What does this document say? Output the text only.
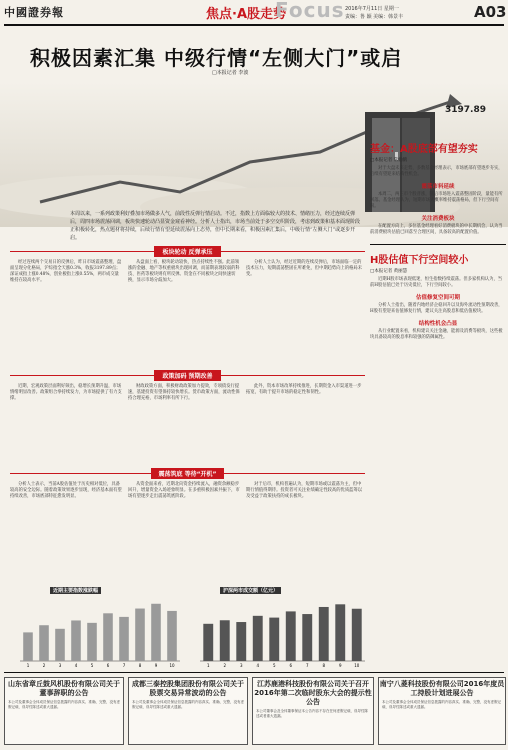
中國證券報	焦点·A股走势
Focus 2016年7月11日 星期一
责编：鲁 颖 美编：韩景丰	A03
积极因素汇集 中级行情“左侧大门”或启
□本报记者 李波
3197.89
本周以来，一系列政策利好叠加市场做多人气，前段性反弹行情启动。不过，指数上方面临较大的技术、情绪压力，经过连续反弹后，周四市场震荡回调，板块快速轮动凸显资金窥看神经。分析人士指出，市场当前处于多空交织阶段，考虑到政策和基本面现阶段正积极转化，热点题材将持续，后续行情有望延续震荡向上态势，但中长期来看，积极因素汇集后，中级行情“左侧大门”或逐步开启。
板块轮动 反弹承压

经过连续两个交易日的反弹后，昨日市场震荡整理，盘面呈现分化格局，沪综指全天涨0.3%，收报3197.89点；深证成指上涨0.48%，创业板指上涨0.55%，两市成交量维持在较高水平。

从盘面上看，板块轮动较快，热点持续性不强。此前领涨的金融、地产等权重板块出现回调，而前期表现较弱的科技、医药等板块则有所反弹。资金在不同板块之间快速切换，显示市场分歧加大。

分析人士认为，经过近期的连续反弹后，市场面临一定的技术压力，短期震荡整固在所难免，但中期趋势向上的格局未变。

政策加码 预期改善

近期，宏观政策层面利好频出，稳增长预期升温，市场情绪明显改善。政策组合拳持续发力，为市场提供了有力支撑。

财政政策方面，积极财政政策加力提效，专项债发行提速，基建投资有望保持较快增长。货币政策方面，流动性保持合理充裕，市场利率有所下行。

此外，资本市场改革持续推进，长期资金入市渠道进一步拓宽，有助于提升市场的稳定性和韧性。

震荡筑底 等待“开机”

分析人士表示，当前A股估值处于历史相对低位，具备较高的安全边际。随着政策效果逐步显现，经济基本面有望持续改善，市场底部特征愈发明显。

从资金面来看，近期北向资金持续流入，融资余额稳步回升，增量资金入场迹象明显。在多重积极因素共振下，市场有望逐步走出震荡筑底阶段。

对于后市，机构普遍认为，短期市场或以震荡为主，但中期行情值得期待。投资者可关注业绩确定性较高的优质蓝筹以及受益于政策扶持的成长板块。

基金：A股底部有望夯实
□本报记者 常仙鹤

对于大盘未来走势，多数基金经理表示，市场底部有望逐步夯实，后续有望迎来结构性机会。

震荡市料延续

本周二，两三市个股普涨，随后市场进入震荡整固阶段，量能有所回落。基金经理认为，短期市场大概率维持震荡格局，但下行空间有限。

关注消费板块

在配置方向上，多位基金经理看好消费板块的中长期机会，认为当前消费板块估值已回落至合理区间，具备较高的配置价值。

H股估值下行空间较小
□本报记者 黄丽慧

近期H股市场表现低迷，恒生指数持续震荡。但多家机构认为，当前H股估值已处于历史低位，下行空间较小。

估值修复空间可期

分析人士指出，随着内地经济企稳回升以及海外流动性预期改善，H股有望迎来估值修复行情，建议关注高股息和低估值板块。

结构性机会凸显

从行业配置来看，机构建议关注金融、能源及消费等板块，这些板块具备较高的股息率和较强的防御属性。

近期主要指数涨跌幅	沪深两市成交额（亿元）
1	2	3	4	5	6	7	8	9	10	1	2	3	4	5	6	7	8	9	10
山东省章丘鼓风机股份有限公司关于董事辞职的公告
本公司及董事会全体成员保证信息披露的内容真实、准确、完整，没有虚假记载、误导性陈述或重大遗漏。
成都三泰控股集团股份有限公司关于股票交易异常波动的公告
本公司及董事会全体成员保证信息披露的内容真实、准确、完整，没有虚假记载、误导性陈述或重大遗漏。
江苏鹿港科技股份有限公司关于召开2016年第二次临时股东大会的提示性公告
本公司董事会及全体董事保证本公告内容不存在任何虚假记载、误导性陈述或者重大遗漏。
南宁八菱科技股份有限公司2016年度员工持股计划进展公告
本公司及董事会全体成员保证信息披露的内容真实、准确、完整，没有虚假记载、误导性陈述或重大遗漏。
